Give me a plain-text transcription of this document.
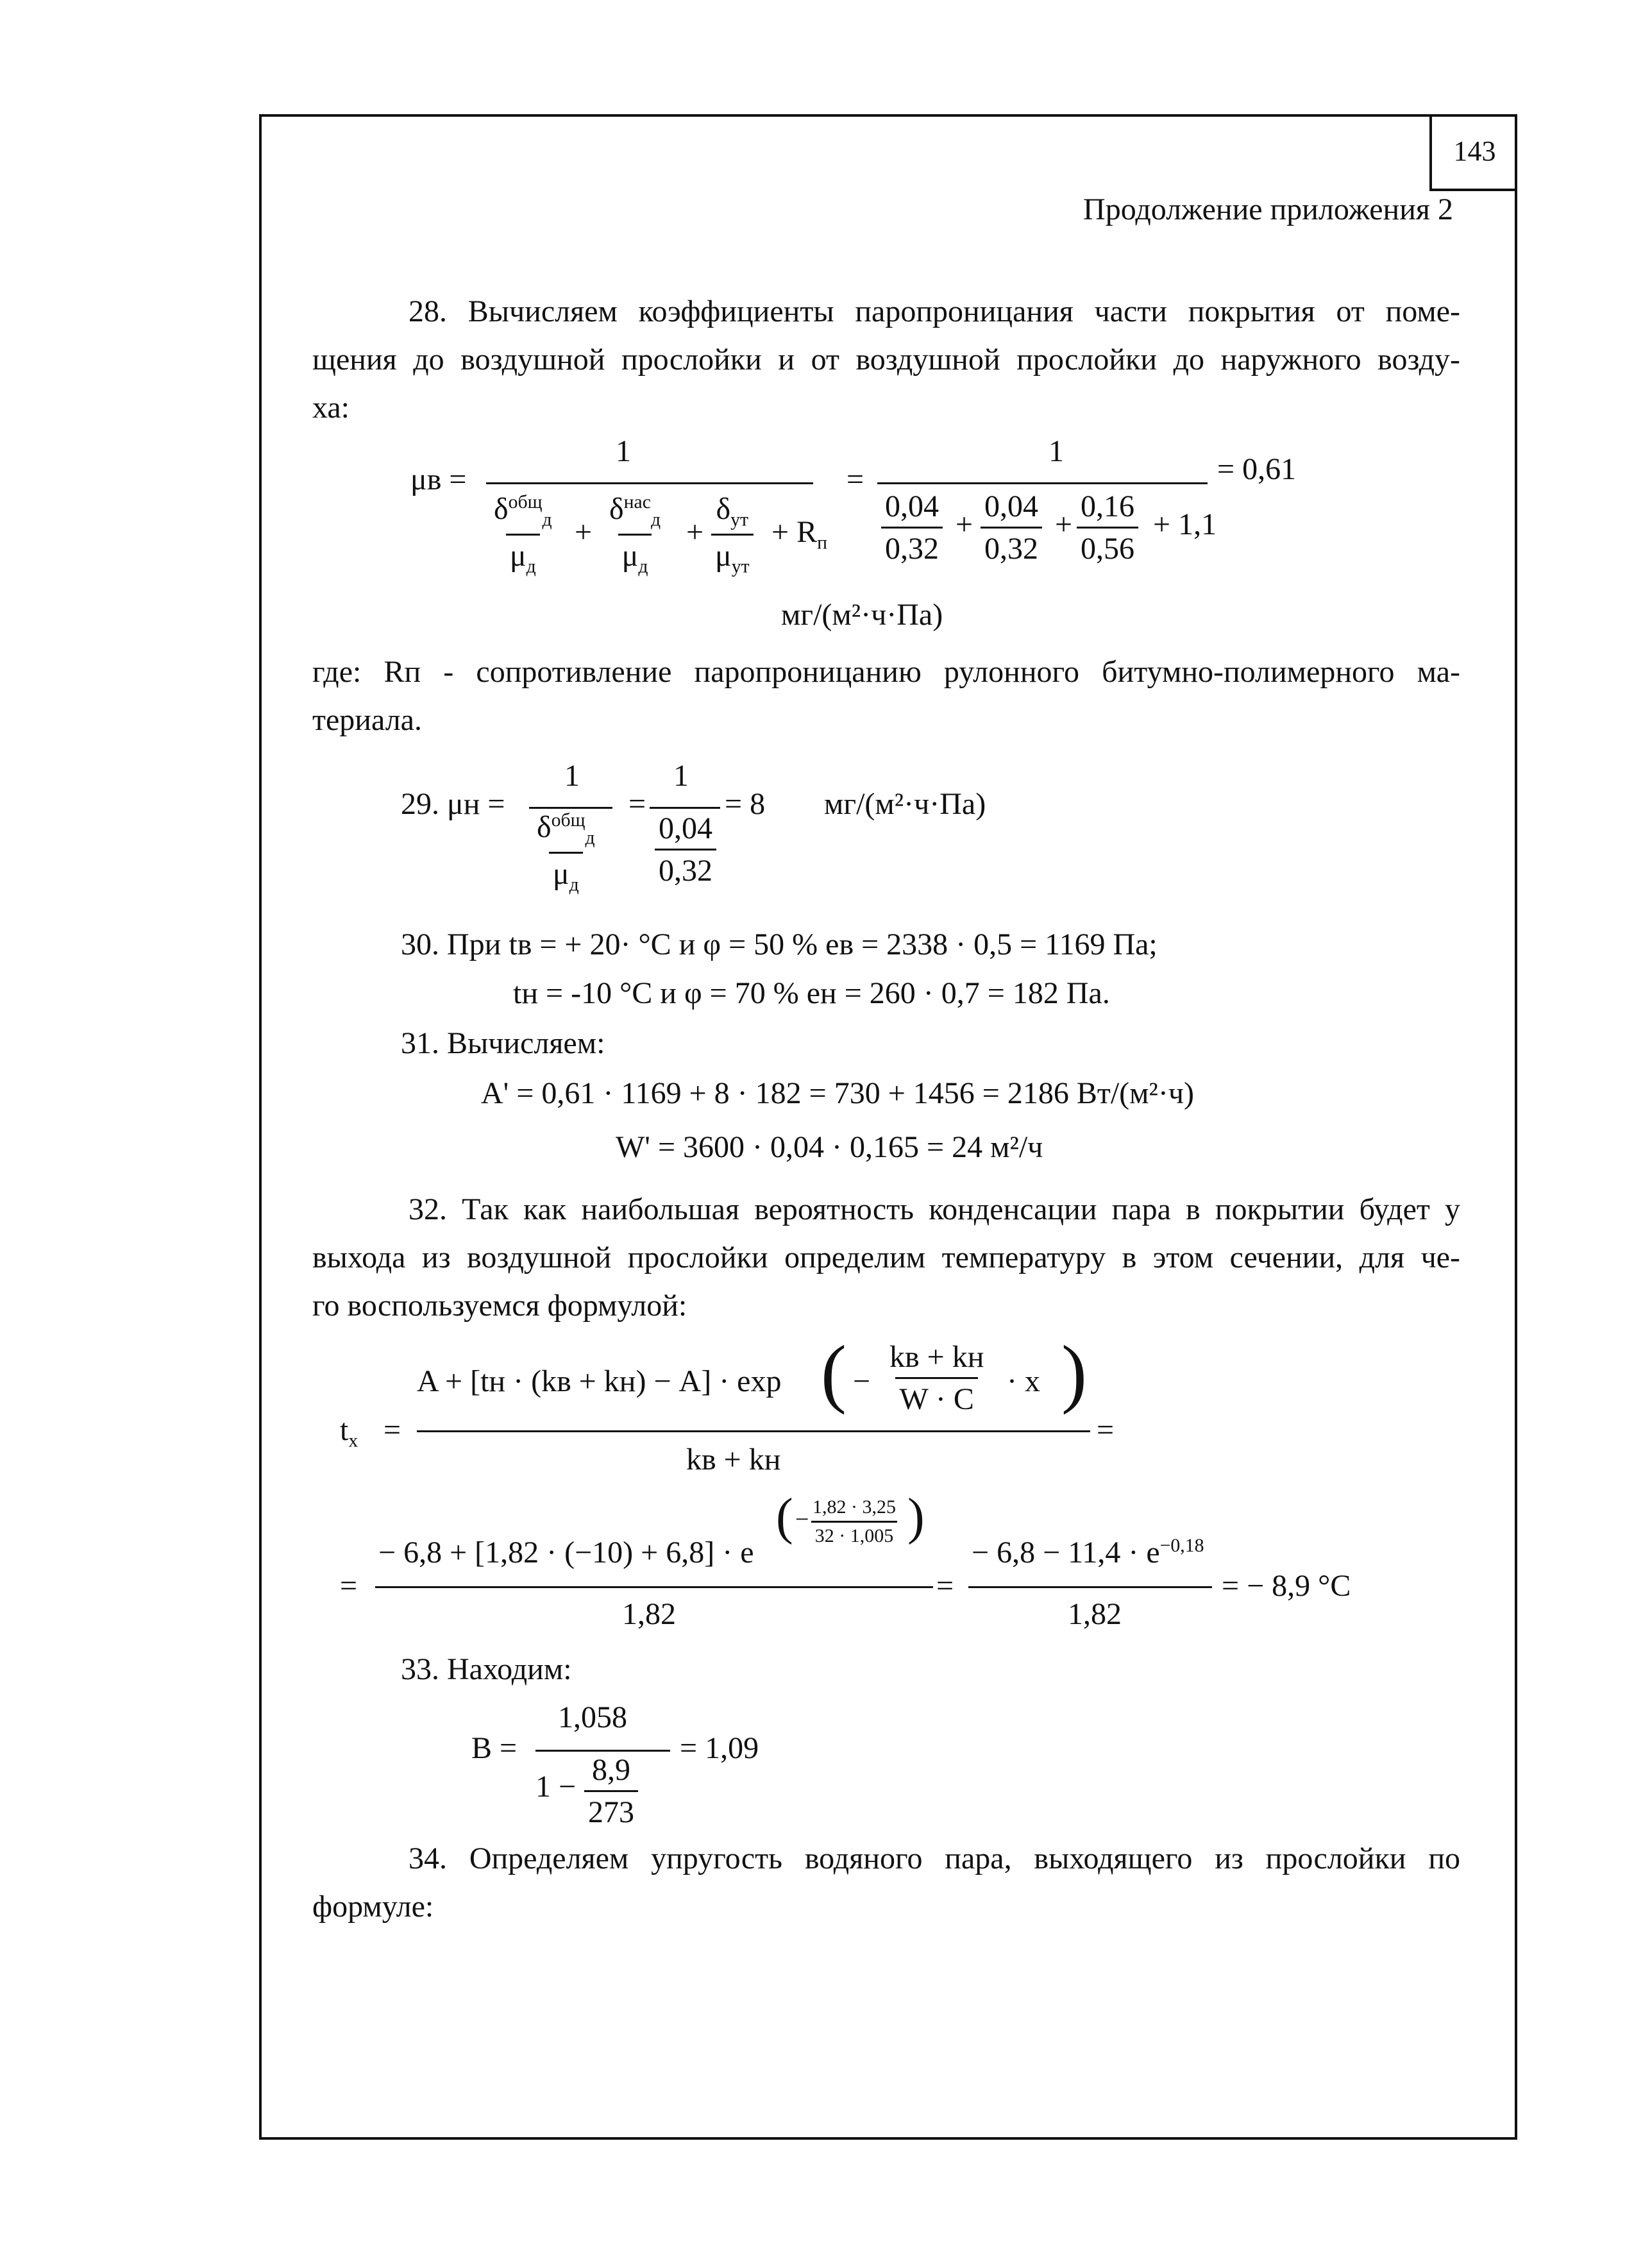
143
Продолжение приложения 2
28. Вычисляем коэффициенты паропроницания части покрытия от поме-
щения до воздушной прослойки и от воздушной прослойки до наружного возду-
ха:
μв =
1
$\delta^{общ}_д$
$\mu_д$
+
$\delta^{нас}_д$
$\mu_д$
+
$\delta_{ут}$
$\mu_{ут}$
+ $R_п$
=
1
$\frac{0,04}{0,32} + \frac{0,04}{0,32} + \frac{0,16}{0,56} + 1,1$
= 0,61
мг/(м²·ч·Па)
где: Rп - сопротивление паропроницанию рулонного битумно-полимерного ма-
териала.
29. μн =
1
$\delta^{общ}_д$
$\mu_д$
=
1
$\frac{0,04}{0,32}$
= 8 мг/(м²·ч·Па)
30. При tв = + 20· °C и φ = 50 % eв = 2338 · 0,5 = 1169 Па;
tн = -10 °C и φ = 70 % eн = 260 · 0,7 = 182 Па.
31. Вычисляем:
A' = 0,61 · 1169 + 8 · 182 = 730 + 1456 = 2186 Вт/(м²·ч)
W' = 3600 · 0,04 · 0,165 = 24 м²/ч
32. Так как наибольшая вероятность конденсации пара в покрытии будет у
выхода из воздушной прослойки определим температуру в этом сечении, для че-
го воспользуемся формулой:
$t_x$ =
A + [tн · (kв + kн) − A] · exp ( −
kв + kн
W · C
· x )
kв + kн
=
=
− 6,8 + [1,82 · (−10) + 6,8] · e
( − $\frac{1,82 \cdot 3,25}{32 \cdot 1,005}$ )
1,82
=
− $6,8 - 11,4 \cdot e^{-0,18}$
1,82
= − 8,9 °C
33. Находим:
B =
1,058
$1 - \frac{8,9}{273}$
= 1,09
34. Определяем упругость водяного пара, выходящего из прослойки по
формуле:
